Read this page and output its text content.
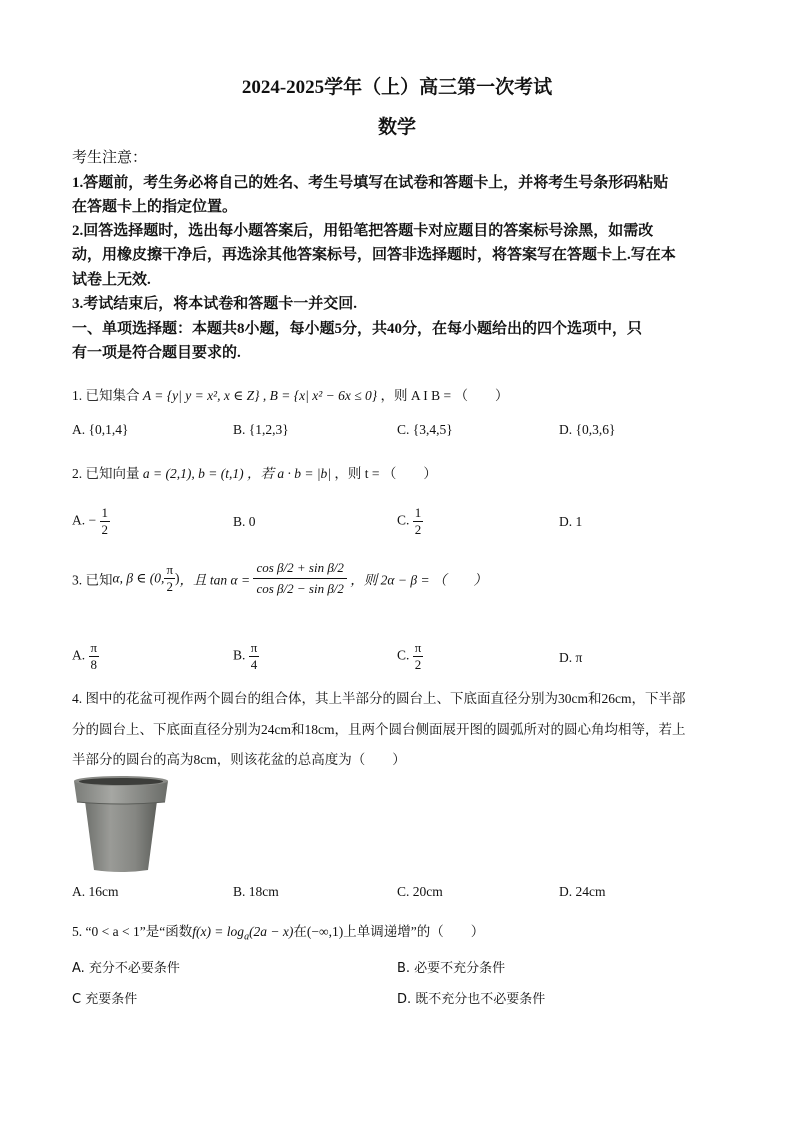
2024-2025学年（上）高三第一次考试
数学
考生注意：
1.答题前，考生务必将自己的姓名、考生号填写在试卷和答题卡上，并将考生号条形码粘贴
在答题卡上的指定位置。
2.回答选择题时，选出每小题答案后，用铅笔把答题卡对应题目的答案标号涂黑，如需改
动，用橡皮擦干净后，再选涂其他答案标号，回答非选择题时，将答案写在答题卡上.写在本
试卷上无效.
3.考试结束后，将本试卷和答题卡一并交回.
一、单项选择题：本题共8小题，每小题5分，共40分，在每小题给出的四个选项中，只
有一项是符合题目要求的.
1. 已知集合 A = {y| y = x², x ∈ Z} , B = {x| x² − 6x ≤ 0} ，则 A I B = （　　）
A. {0,1,4}	B. {1,2,3}	C. {3,4,5}	D. {0,3,6}
2. 已知向量 a = (2,1), b = (t,1) ，若 a · b = |b| ，则 t = （　　）
A. − $\frac{1}{2}$	B. 0	C. $\frac{1}{2}$	D. 1
3. 已知α, β ∈ (0, $\frac{\pi}{2}$ )，且 $\tan \alpha = \frac{\text{cos β/2 + sin β/2}}{\text{cos β/2 − sin β/2}}$ ，则 2α − β = （　　）
A. $\frac{\pi}{8}$	B. $\frac{\pi}{4}$	C. $\frac{\pi}{2}$	D. π
4. 图中的花盆可视作两个圆台的组合体，其上半部分的圆台上、下底面直径分别为30cm和26cm，下半部
分的圆台上、下底面直径分别为24cm和18cm，且两个圆台侧面展开图的圆弧所对的圆心角均相等，若上
半部分的圆台的高为8cm，则该花盆的总高度为（　　）
A. 16cm	B. 18cm	C. 20cm	D. 24cm
5. “0 < a < 1”是“函数$f(x) = \log_a(2a - x)$在(−∞,1)上单调递增”的（　　）
A. 充分不必要条件	B. 必要不充分条件
C 充要条件	D. 既不充分也不必要条件
